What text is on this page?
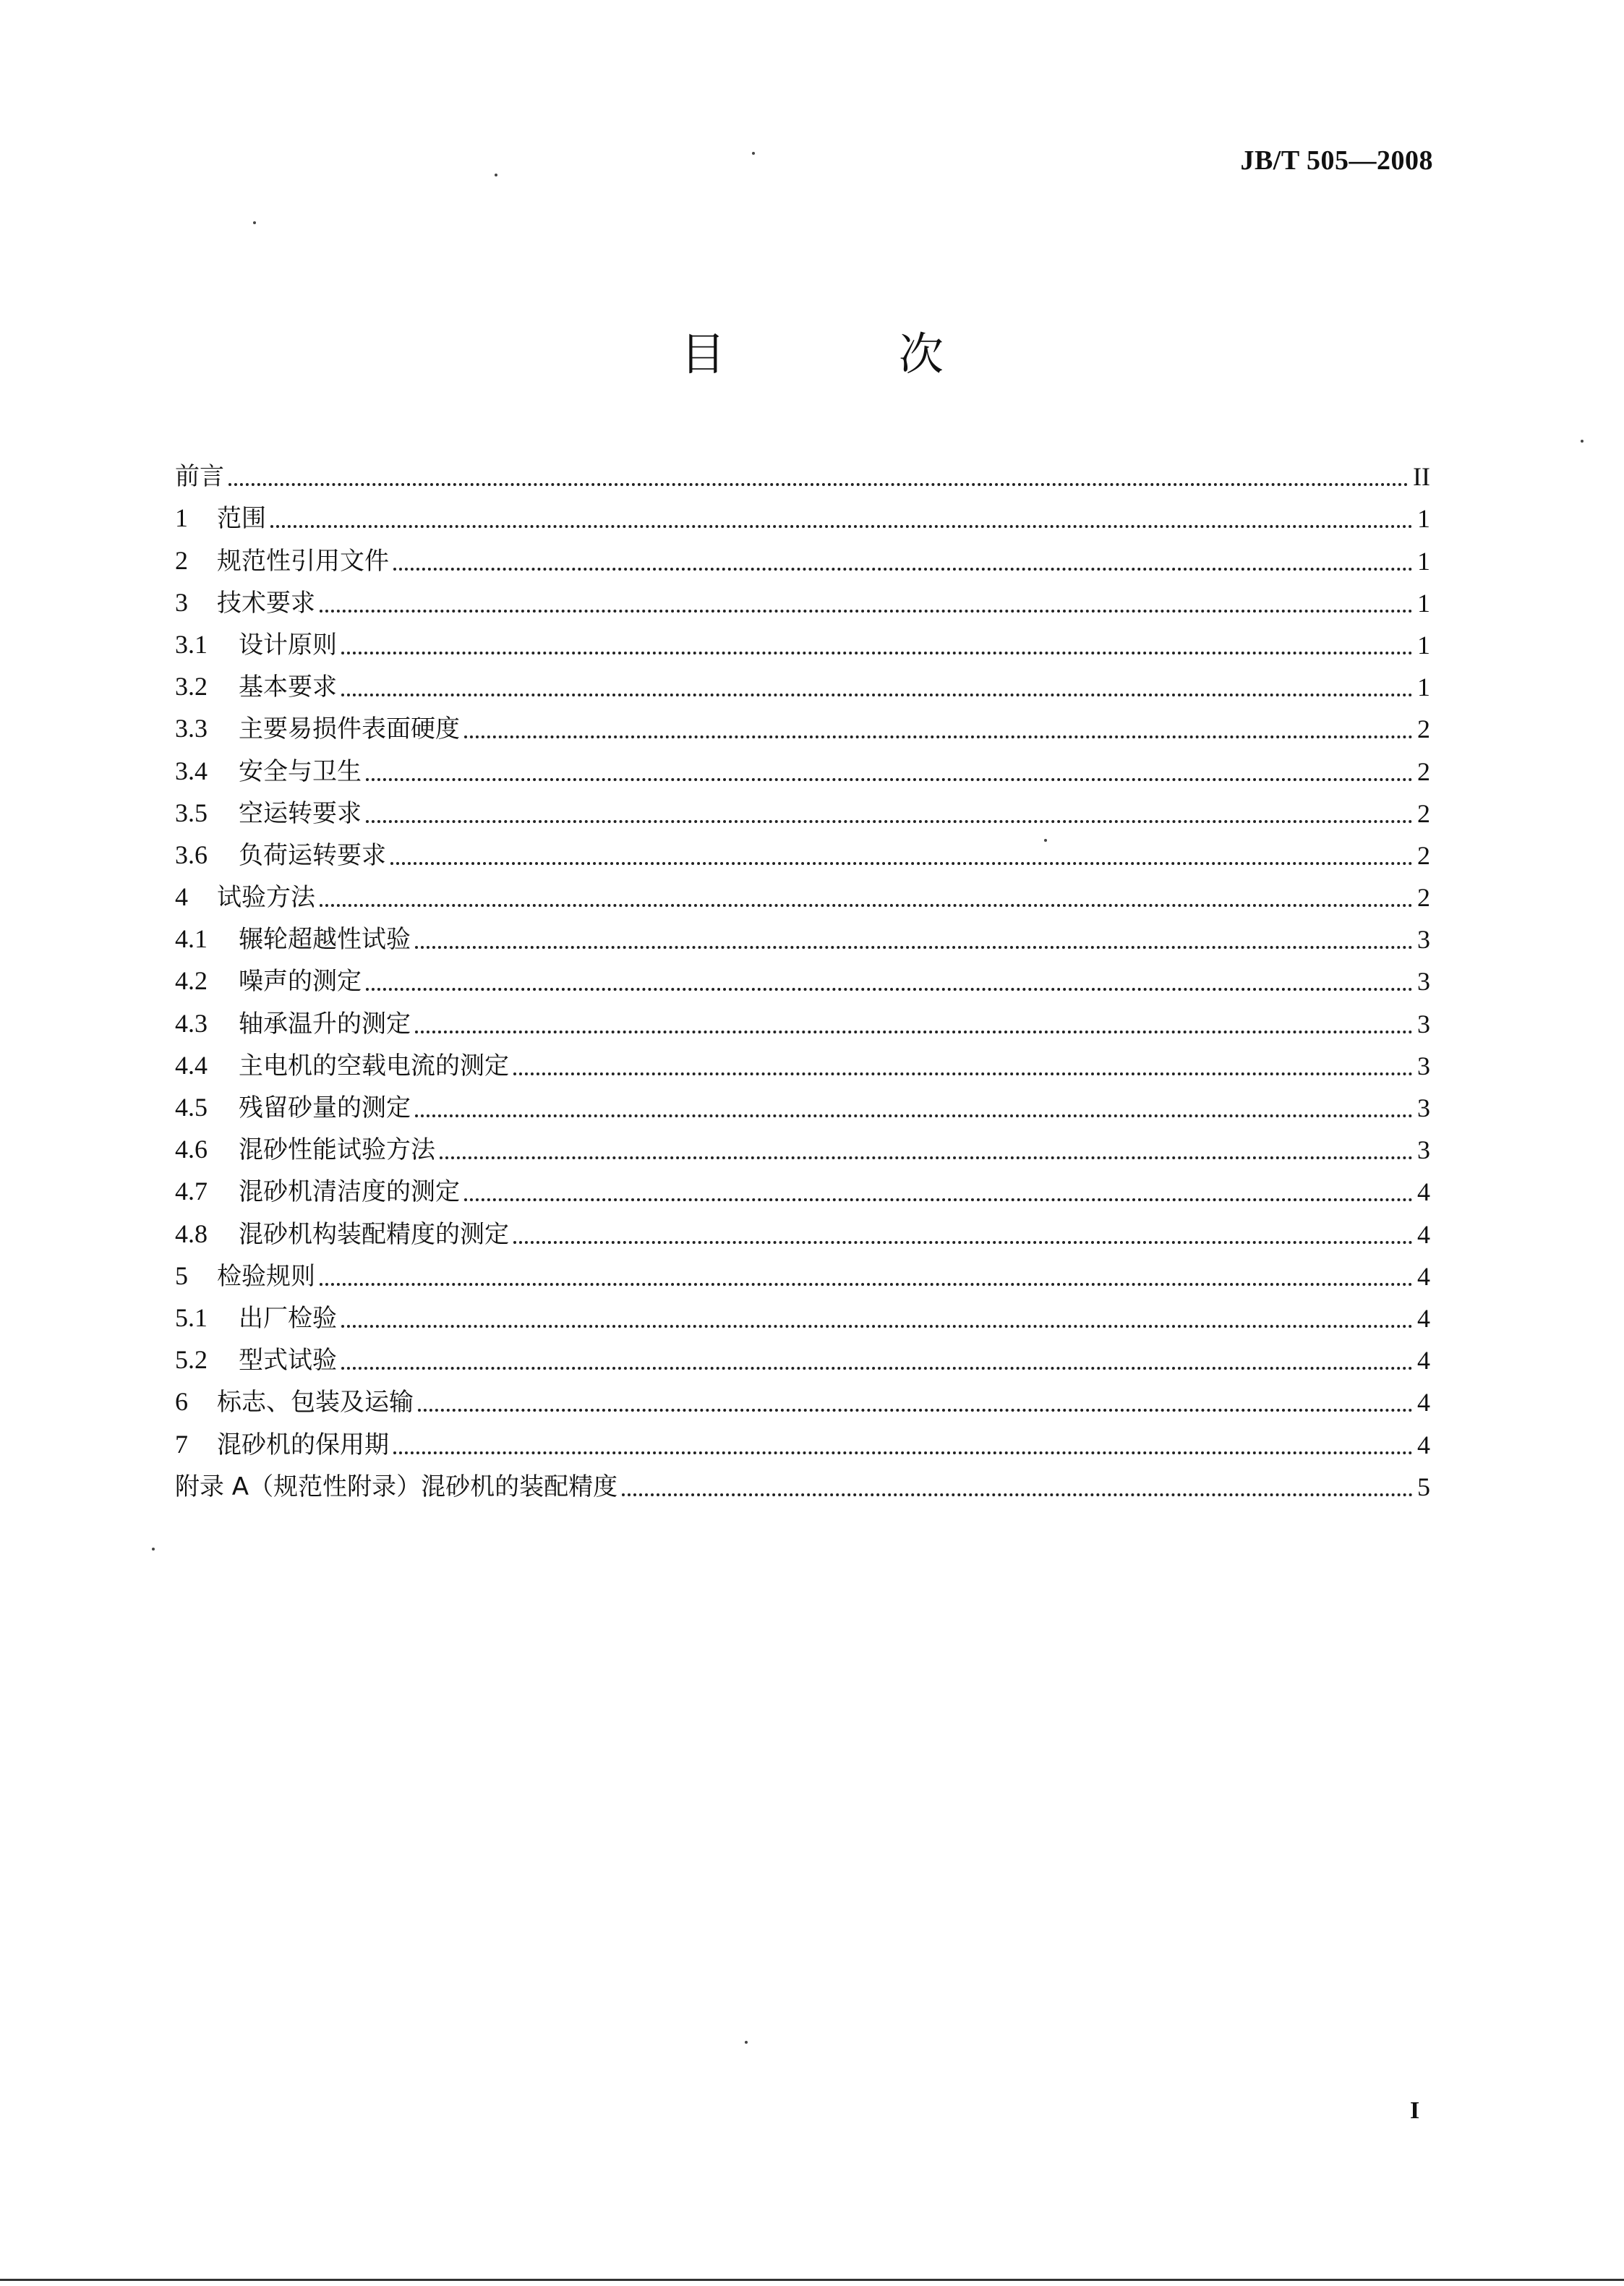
JB/T 505—2008
目 次
前言	II
1 范围	1
2 规范性引用文件	1
3 技术要求	1
3.1 设计原则	1
3.2 基本要求	1
3.3 主要易损件表面硬度	2
3.4 安全与卫生	2
3.5 空运转要求	2
3.6 负荷运转要求	2
4 试验方法	2
4.1 辗轮超越性试验	3
4.2 噪声的测定	3
4.3 轴承温升的测定	3
4.4 主电机的空载电流的测定	3
4.5 残留砂量的测定	3
4.6 混砂性能试验方法	3
4.7 混砂机清洁度的测定	4
4.8 混砂机构装配精度的测定	4
5 检验规则	4
5.1 出厂检验	4
5.2 型式试验	4
6 标志、包装及运输	4
7 混砂机的保用期	4
附录 A（规范性附录）混砂机的装配精度	5
I
